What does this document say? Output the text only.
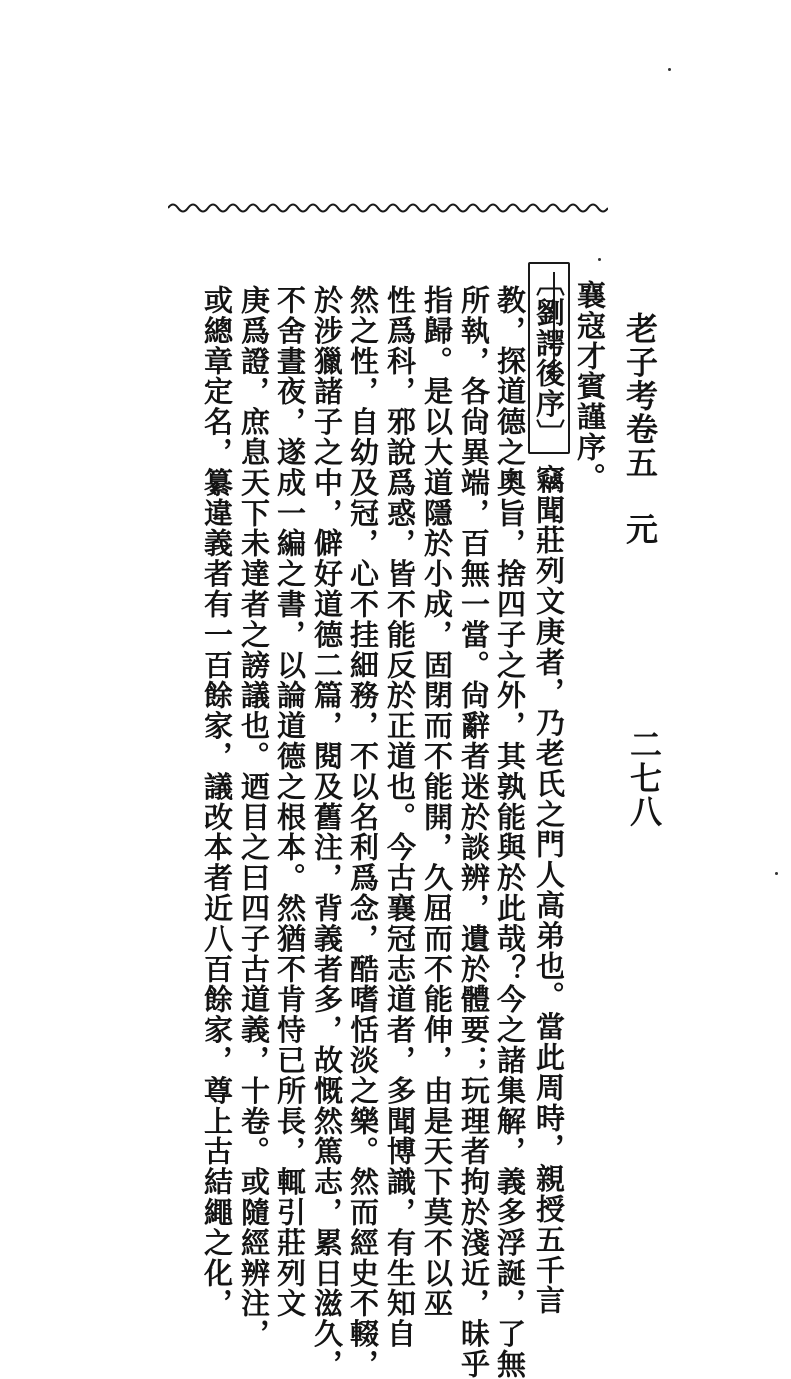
老子考卷五　元
二七八
襄寇才賓謹序。
〔劉諤後序〕竊聞莊列文庚者，乃老氏之門人高弟也。當此周時，親授五千言
教，探道德之奧旨，捨四子之外，其孰能與於此哉？今之諸集解，義多浮誕，了無
所執，各尙異端，百無一當。尙辭者迷於談辨，遺於體要；玩理者拘於淺近，昧乎
指歸。是以大道隱於小成，固閉而不能開，久屈而不能伸，由是天下莫不以巫
性爲科，邪說爲惑，皆不能反於正道也。今古襄冠志道者，多聞博識，有生知自
然之性，自幼及冠，心不挂細務，不以名利爲念，酷嗜恬淡之樂。然而經史不輟，
於涉獵諸子之中，僻好道德二篇，閱及舊注，背義者多，故慨然篤志，累日滋久，
不舍晝夜，遂成一編之書，以論道德之根本。然猶不肯恃已所長，輒引莊列文
庚爲證，庶息天下未達者之謗議也。迺目之曰四子古道義，十卷。或隨經辨注，
或總章定名，纂違義者有一百餘家，議改本者近八百餘家，尊上古結繩之化，
